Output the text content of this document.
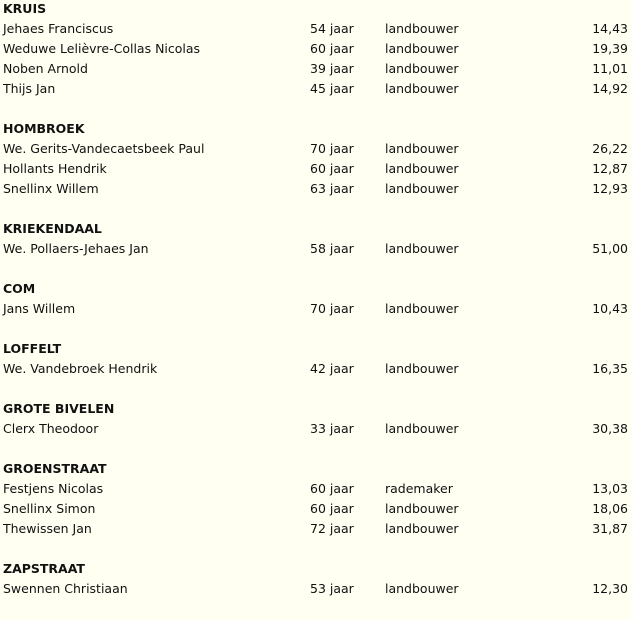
KRUIS
Jehaes Franciscus	54 jaar landbouwer	14,43
Weduwe Lelièvre-Collas Nicolas	60 jaar landbouwer	19,39
Noben Arnold	39 jaar landbouwer	11,01
Thijs Jan	45 jaar landbouwer	14,92
HOMBROEK
We. Gerits-Vandecaetsbeek Paul	70 jaar landbouwer	26,22
Hollants Hendrik	60 jaar landbouwer	12,87
Snellinx Willem	63 jaar landbouwer	12,93
KRIEKENDAAL
We. Pollaers-Jehaes Jan	58 jaar landbouwer	51,00
COM
Jans Willem	70 jaar landbouwer	10,43
LOFFELT
We. Vandebroek Hendrik	42 jaar landbouwer	16,35
GROTE BIVELEN
Clerx Theodoor	33 jaar landbouwer	30,38
GROENSTRAAT
Festjens Nicolas	60 jaar rademaker	13,03
Snellinx Simon	60 jaar landbouwer	18,06
Thewissen Jan	72 jaar landbouwer	31,87
ZAPSTRAAT
Swennen Christiaan	53 jaar landbouwer	12,30
